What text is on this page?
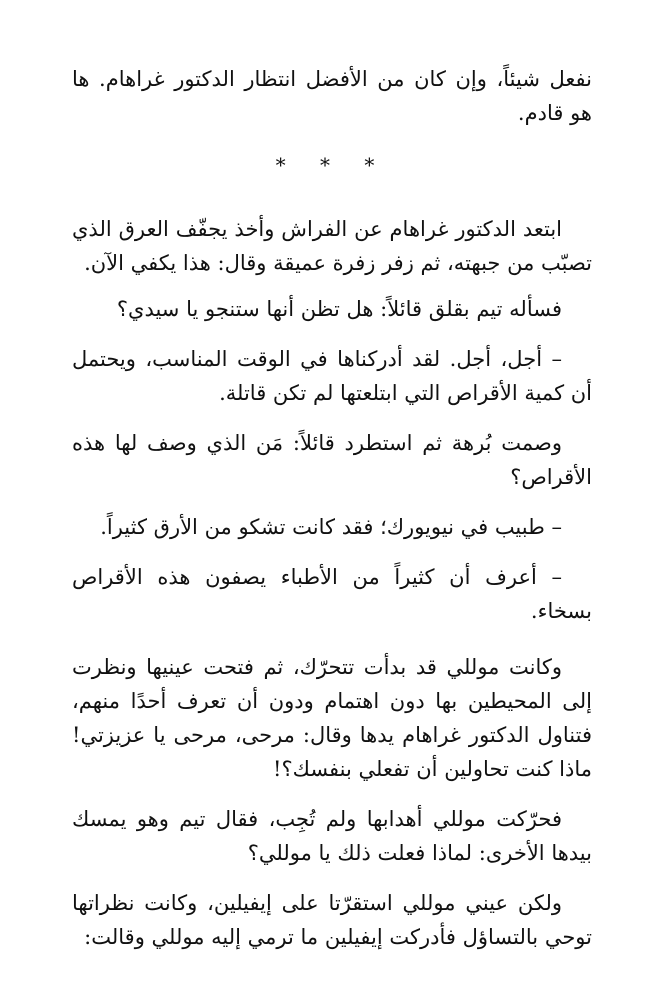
نفعل شيئاً، وإن كان من الأفضل انتظار الدكتور غراهام. ها هو قادم.

* * *

ابتعد الدكتور غراهام عن الفراش وأخذ يجفّف العرق الذي تصبّب من جبهته، ثم زفر زفرة عميقة وقال: هذا يكفي الآن.

فسأله تيم بقلق قائلاً: هل تظن أنها ستنجو يا سيدي؟

– أجل، أجل. لقد أدركناها في الوقت المناسب، ويحتمل أن كمية الأقراص التي ابتلعتها لم تكن قاتلة.

وصمت بُرهة ثم استطرد قائلاً: مَن الذي وصف لها هذه الأقراص؟

– طبيب في نيويورك؛ فقد كانت تشكو من الأرق كثيراً.

– أعرف أن كثيراً من الأطباء يصفون هذه الأقراص بسخاء.

وكانت موللي قد بدأت تتحرّك، ثم فتحت عينيها ونظرت إلى المحيطين بها دون اهتمام ودون أن تعرف أحدًا منهم، فتناول الدكتور غراهام يدها وقال: مرحى، مرحى يا عزيزتي! ماذا كنت تحاولين أن تفعلي بنفسك؟!

فحرّكت موللي أهدابها ولم تُجِب، فقال تيم وهو يمسك بيدها الأخرى: لماذا فعلت ذلك يا موللي؟

ولكن عيني موللي استقرّتا على إيفيلين، وكانت نظراتها توحي بالتساؤل فأدركت إيفيلين ما ترمي إليه موللي وقالت:
